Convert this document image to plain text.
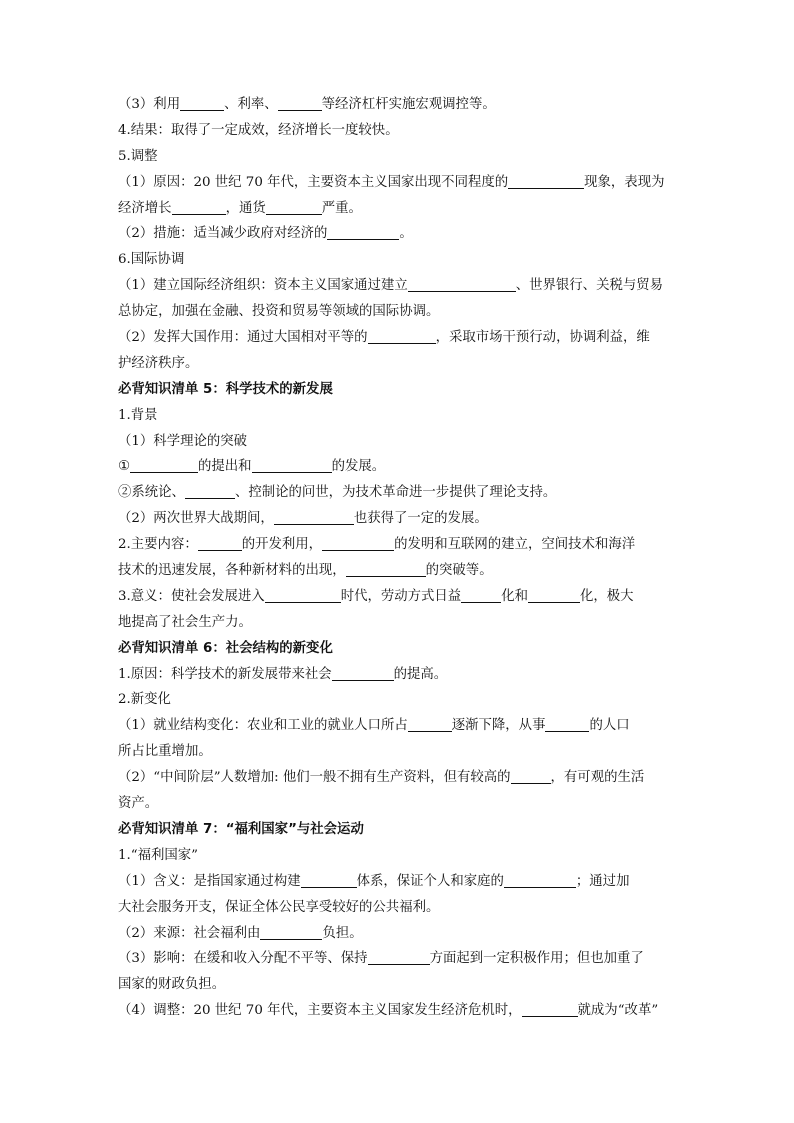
（3）利用	、利率、	等经济杠杆实施宏观调控等。
4.结果：取得了一定成效，经济增长一度较快。
5.调整
（1）原因：20 世纪 70 年代，主要资本主义国家出现不同程度的	现象，表现为
经济增长	，通货	严重。
（2）措施：适当减少政府对经济的	。
6.国际协调
（1）建立国际经济组织：资本主义国家通过建立	、世界银行、关税与贸易
总协定，加强在金融、投资和贸易等领域的国际协调。
（2）发挥大国作用：通过大国相对平等的	，采取市场干预行动，协调利益，维
护经济秩序。
必背知识清单 5：科学技术的新发展
1.背景
（1）科学理论的突破
①	的提出和	的发展。
②系统论、	、控制论的问世，为技术革命进一步提供了理论支持。
（2）两次世界大战期间，	也获得了一定的发展。
2.主要内容：	的开发利用，	的发明和互联网的建立，空间技术和海洋
技术的迅速发展，各种新材料的出现，	的突破等。
3.意义：使社会发展进入	时代，劳动方式日益	化和	化，极大
地提高了社会生产力。
必背知识清单 6：社会结构的新变化
1.原因：科学技术的新发展带来社会	的提高。
2.新变化
（1）就业结构变化：农业和工业的就业人口所占	逐渐下降，从事	的人口
所占比重增加。
（2）“中间阶层”人数增加: 他们一般不拥有生产资料，但有较高的	，有可观的生活
资产。
必背知识清单 7：“福利国家”与社会运动
1.“福利国家”
（1）含义：是指国家通过构建	体系，保证个人和家庭的	；通过加
大社会服务开支，保证全体公民享受较好的公共福利。
（2）来源：社会福利由	负担。
（3）影响：在缓和收入分配不平等、保持	方面起到一定积极作用；但也加重了
国家的财政负担。
（4）调整：20 世纪 70 年代，主要资本主义国家发生经济危机时，	就成为“改革”
